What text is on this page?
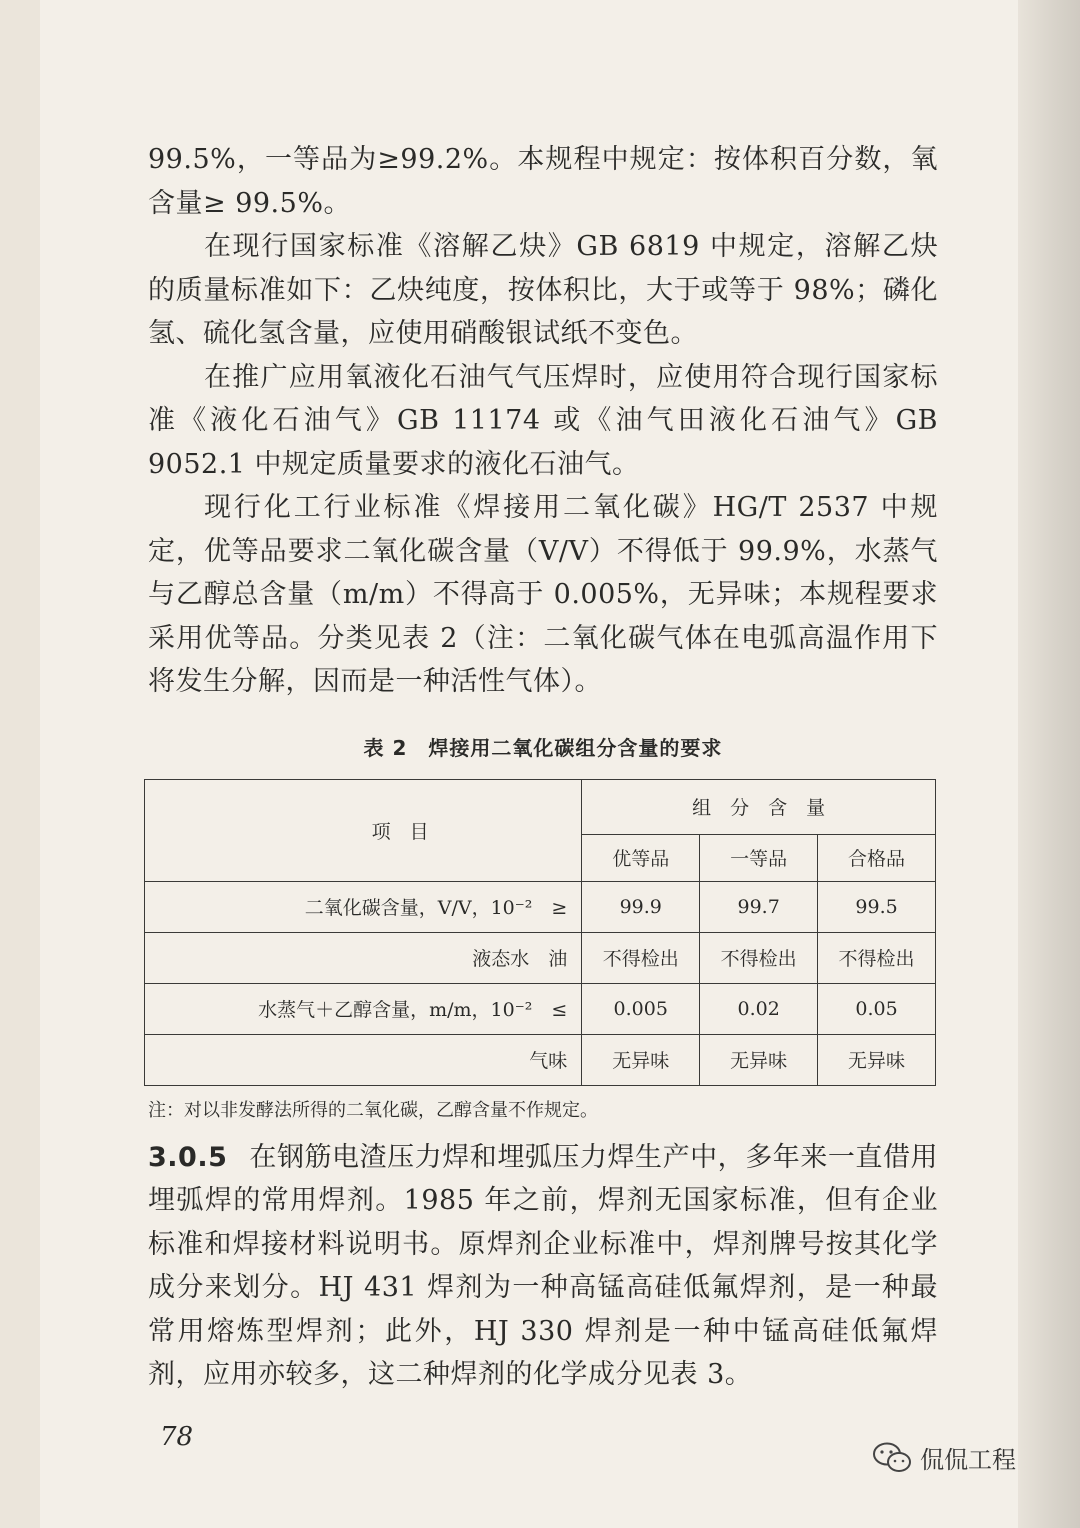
99.5%，一等品为≥99.2%。本规程中规定：按体积百分数，氧含量≥ 99.5%。

在现行国家标准《溶解乙炔》GB 6819 中规定，溶解乙炔的质量标准如下：乙炔纯度，按体积比，大于或等于 98%；磷化氢、硫化氢含量，应使用硝酸银试纸不变色。

在推广应用氧液化石油气气压焊时，应使用符合现行国家标准《液化石油气》GB 11174 或《油气田液化石油气》GB 9052.1 中规定质量要求的液化石油气。

现行化工行业标准《焊接用二氧化碳》HG/T 2537 中规定，优等品要求二氧化碳含量（V/V）不得低于 99.9%，水蒸气与乙醇总含量（m/m）不得高于 0.005%，无异味；本规程要求采用优等品。分类见表 2（注：二氧化碳气体在电弧高温作用下将发生分解，因而是一种活性气体）。

表 2　焊接用二氧化碳组分含量的要求
项　目	组　分　含　量		
	优等品	一等品	合格品
二氧化碳含量，V/V，10⁻²　≥	99.9	99.7	99.5
液态水　油	不得检出	不得检出	不得检出
水蒸气＋乙醇含量，m/m，10⁻²　≤	0.005	0.02	0.05
气味	无异味	无异味	无异味
注：对以非发酵法所得的二氧化碳，乙醇含量不作规定。

3.0.5 在钢筋电渣压力焊和埋弧压力焊生产中，多年来一直借用埋弧焊的常用焊剂。1985 年之前，焊剂无国家标准，但有企业标准和焊接材料说明书。原焊剂企业标准中，焊剂牌号按其化学成分来划分。HJ 431 焊剂为一种高锰高硅低氟焊剂，是一种最常用熔炼型焊剂；此外，HJ 330 焊剂是一种中锰高硅低氟焊剂，应用亦较多，这二种焊剂的化学成分见表 3。

78
侃侃工程
